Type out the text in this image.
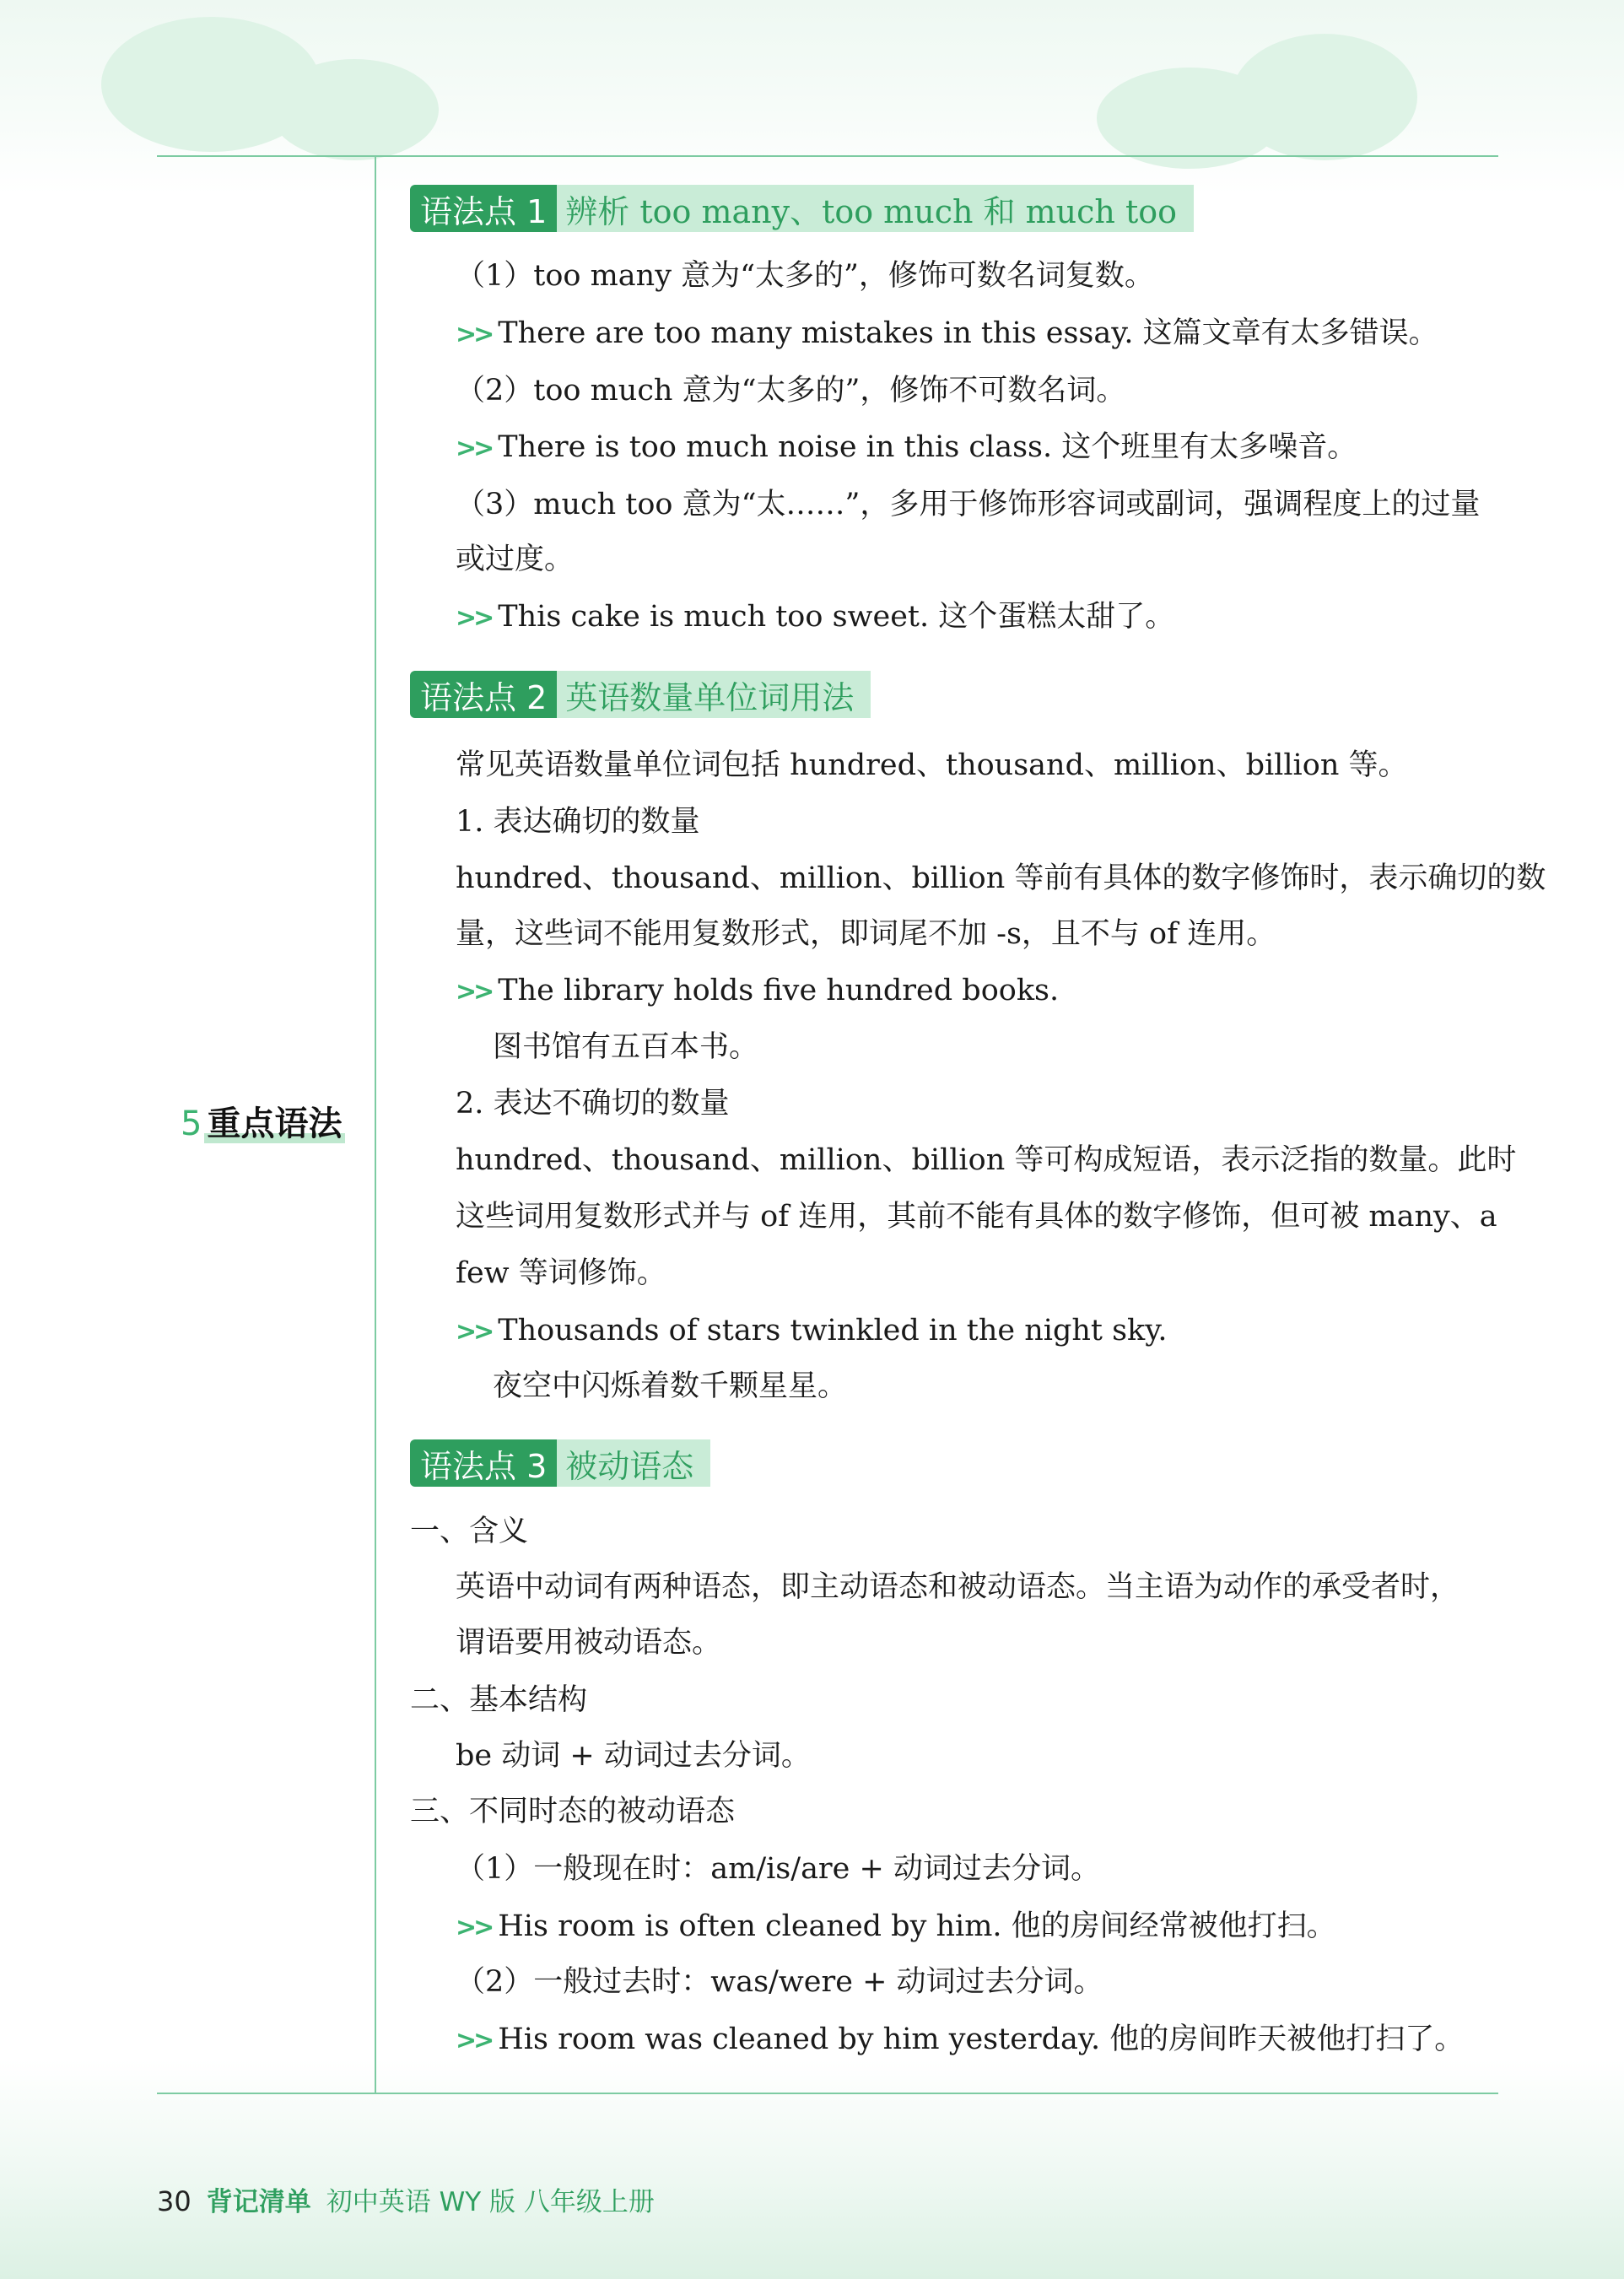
5 重点语法
语法点 1 辨析 too many、too much 和 much too
（1）too many 意为“太多的”，修饰可数名词复数。
>> There are too many mistakes in this essay. 这篇文章有太多错误。
（2）too much 意为“太多的”，修饰不可数名词。
>> There is too much noise in this class. 这个班里有太多噪音。
（3）much too 意为“太……”，多用于修饰形容词或副词，强调程度上的过量
或过度。
>> This cake is much too sweet. 这个蛋糕太甜了。
语法点 2 英语数量单位词用法
常见英语数量单位词包括 hundred、thousand、million、billion 等。
1. 表达确切的数量
hundred、thousand、million、billion 等前有具体的数字修饰时，表示确切的数
量，这些词不能用复数形式，即词尾不加 -s，且不与 of 连用。
>> The library holds five hundred books.
图书馆有五百本书。
2. 表达不确切的数量
hundred、thousand、million、billion 等可构成短语，表示泛指的数量。此时
这些词用复数形式并与 of 连用，其前不能有具体的数字修饰，但可被 many、a
few 等词修饰。
>> Thousands of stars twinkled in the night sky.
夜空中闪烁着数千颗星星。
语法点 3 被动语态
一、含义
英语中动词有两种语态，即主动语态和被动语态。当主语为动作的承受者时，
谓语要用被动语态。
二、基本结构
be 动词 + 动词过去分词。
三、不同时态的被动语态
（1）一般现在时：am/is/are + 动词过去分词。
>> His room is often cleaned by him. 他的房间经常被他打扫。
（2）一般过去时：was/were + 动词过去分词。
>> His room was cleaned by him yesterday. 他的房间昨天被他打扫了。
30 背记清单 初中英语 WY 版 八年级上册
